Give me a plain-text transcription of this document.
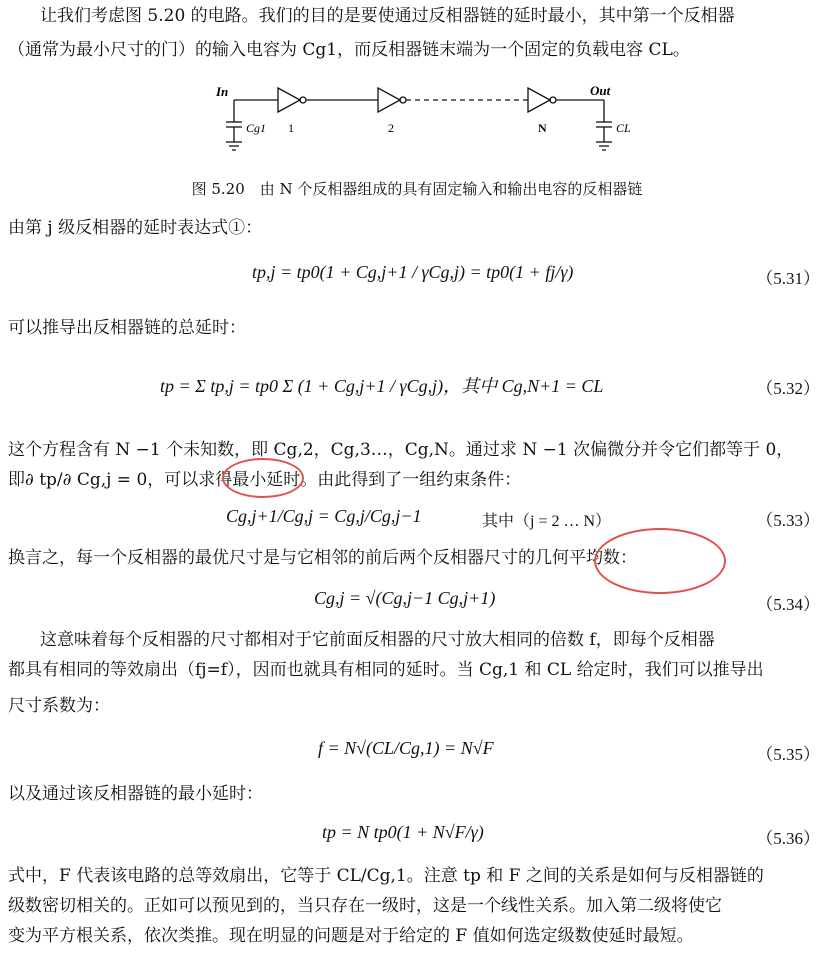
让我们考虑图 5.20 的电路。我们的目的是要使通过反相器链的延时最小，其中第一个反相器
（通常为最小尺寸的门）的输入电容为 Cg1，而反相器链末端为一个固定的负载电容 CL。
In	Out
Cg1	CL
1	2	N
图 5.20　由 N 个反相器组成的具有固定输入和输出电容的反相器链
由第 j 级反相器的延时表达式①：
tp,j = tp0(1 + Cg,j+1 / γCg,j) = tp0(1 + fj/γ)	（5.31）
可以推导出反相器链的总延时：
tp = Σ tp,j = tp0 Σ (1 + Cg,j+1 / γCg,j)，其中 Cg,N+1 = CL	（5.32）
这个方程含有 N −1 个未知数，即 Cg,2，Cg,3…，Cg,N。通过求 N −1 次偏微分并令它们都等于 0，
即∂ tp/∂ Cg,j = 0，可以求得最小延时。由此得到了一组约束条件：
Cg,j+1/Cg,j = Cg,j/Cg,j−1	其中（j = 2 … N）	（5.33）
换言之，每一个反相器的最优尺寸是与它相邻的前后两个反相器尺寸的几何平均数：
Cg,j = √(Cg,j−1 Cg,j+1)	（5.34）
这意味着每个反相器的尺寸都相对于它前面反相器的尺寸放大相同的倍数 f，即每个反相器
都具有相同的等效扇出（fj=f），因而也就具有相同的延时。当 Cg,1 和 CL 给定时，我们可以推导出
尺寸系数为：
f = N√(CL/Cg,1) = N√F	（5.35）
以及通过该反相器链的最小延时：
tp = N tp0(1 + N√F/γ)	（5.36）
式中，F 代表该电路的总等效扇出，它等于 CL/Cg,1。注意 tp 和 F 之间的关系是如何与反相器链的
级数密切相关的。正如可以预见到的，当只存在一级时，这是一个线性关系。加入第二级将使它
变为平方根关系，依次类推。现在明显的问题是对于给定的 F 值如何选定级数使延时最短。
